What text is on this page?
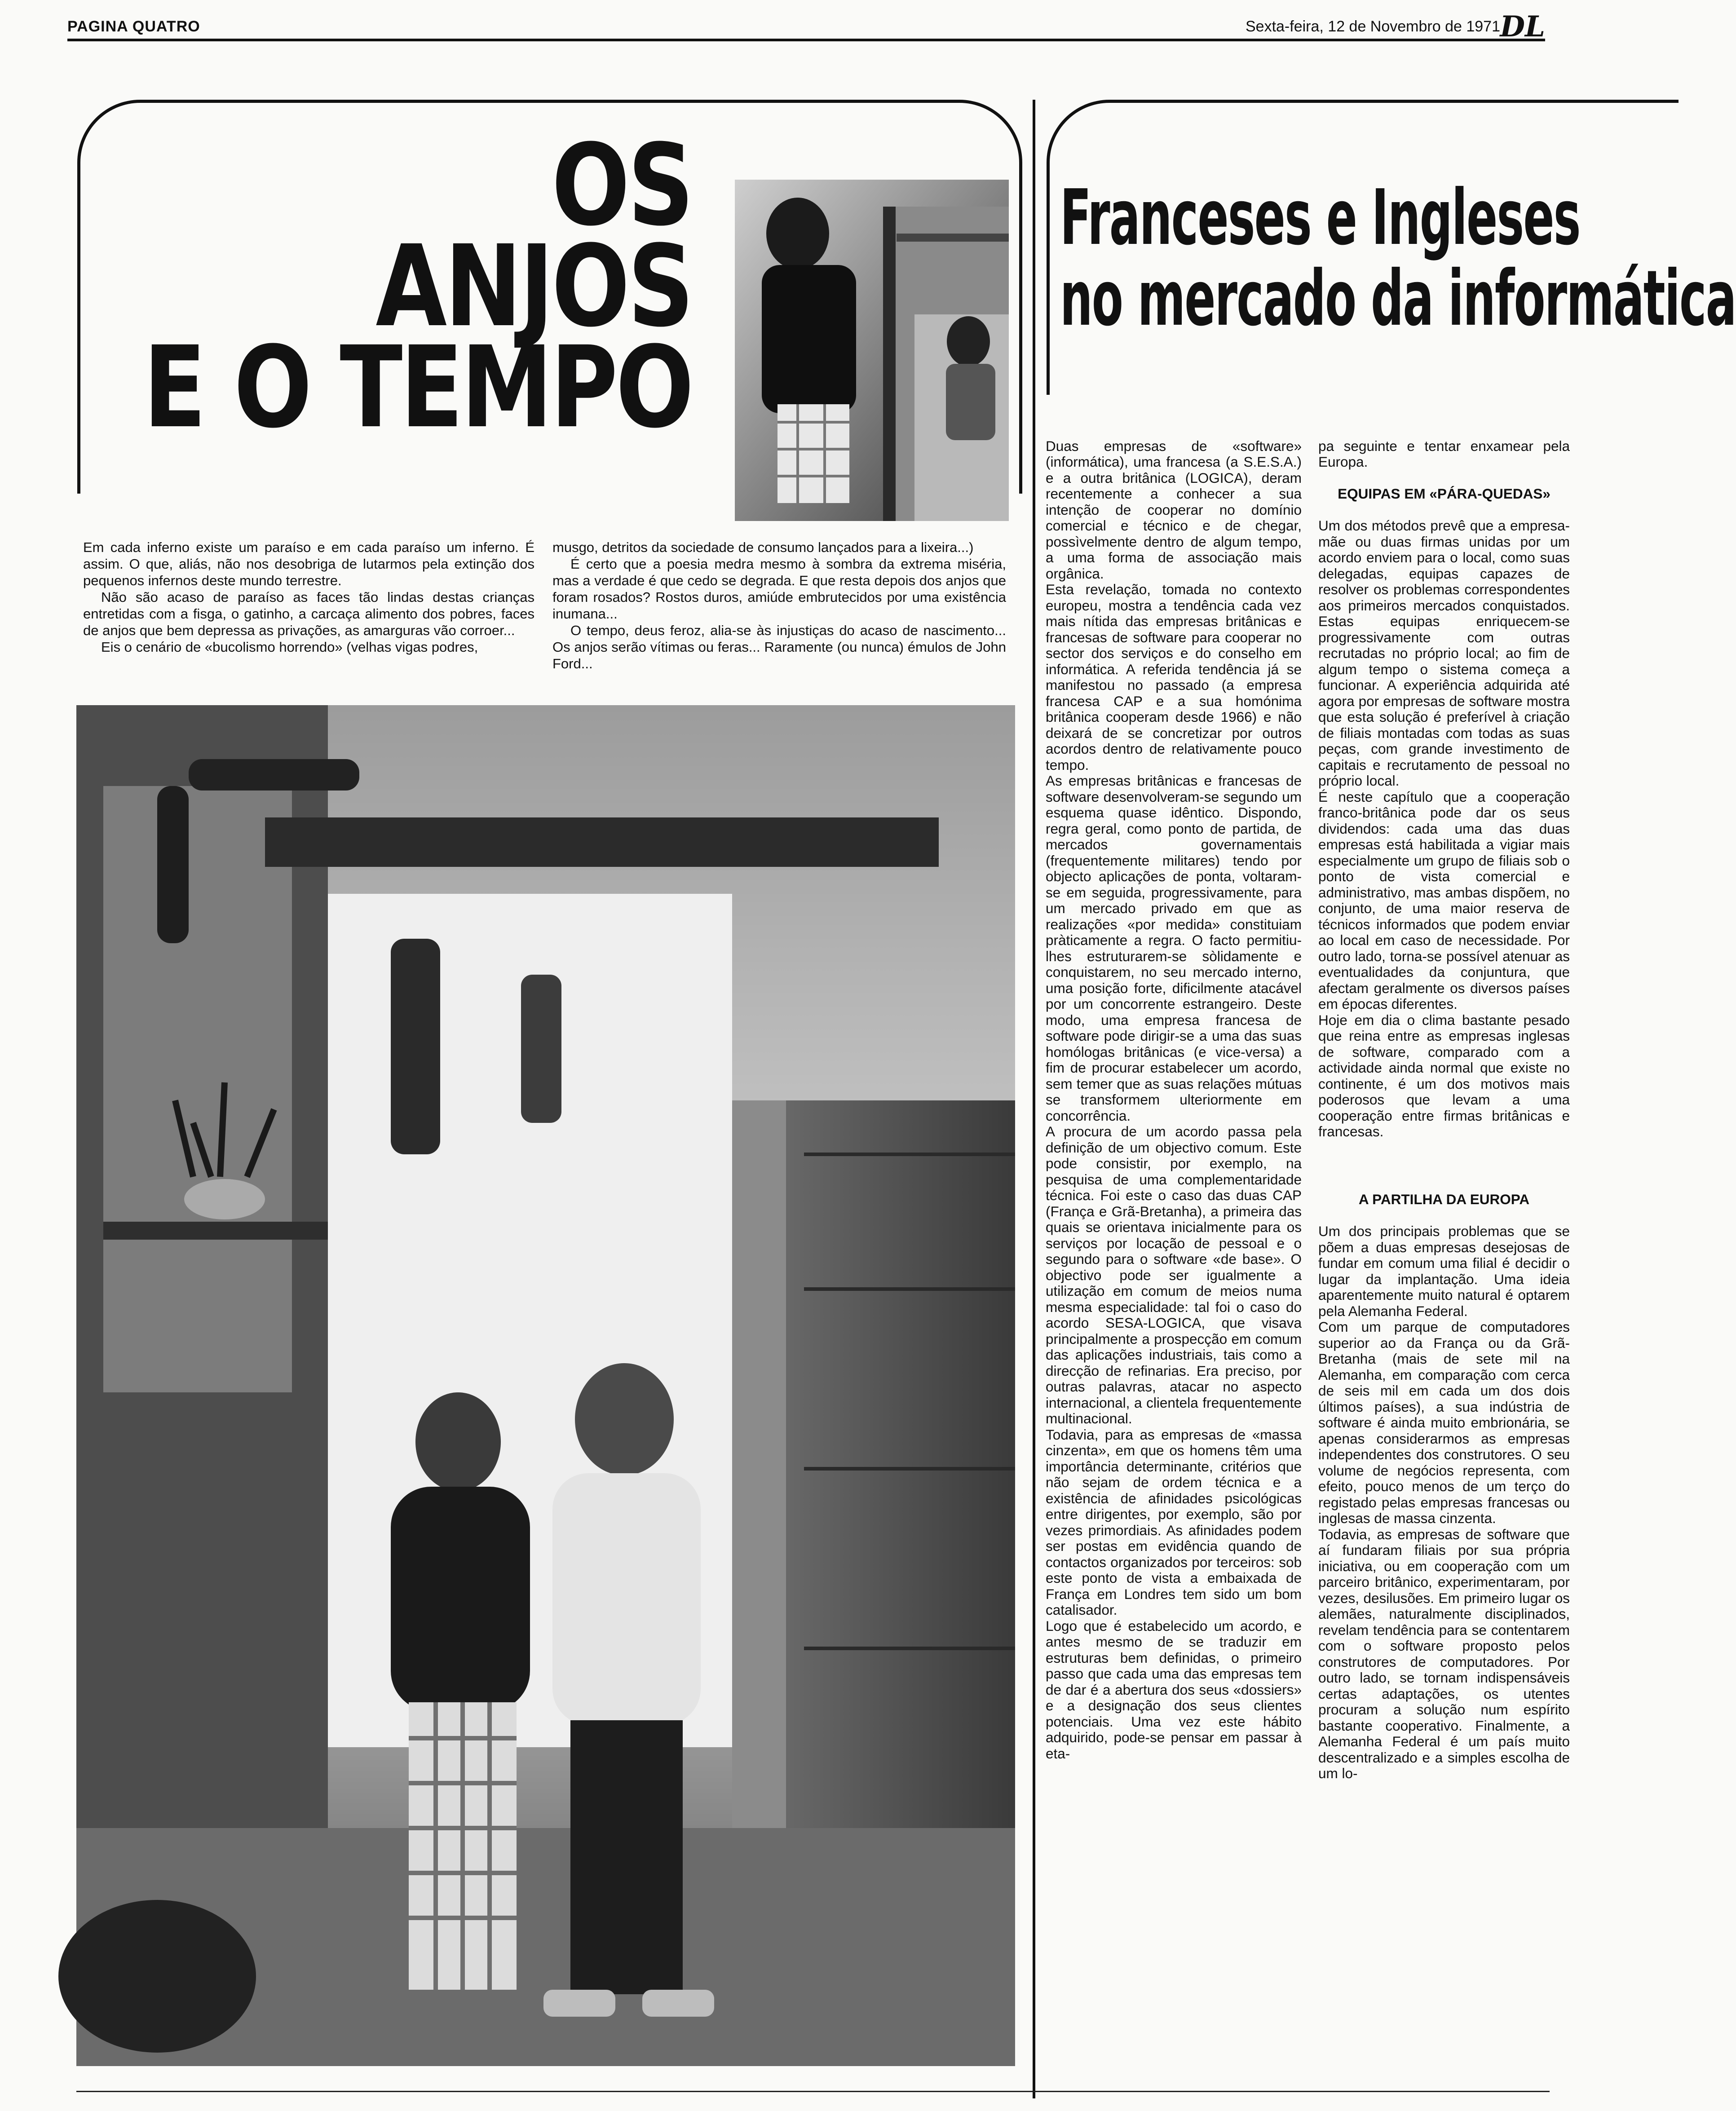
PAGINA QUATRO	Sexta-feira, 12 de Novembro de 1971 DL
OS
ANJOS
E O TEMPO

Em cada inferno existe um paraíso e em cada paraíso um inferno. É assim. O que, aliás, não nos desobriga de lutarmos pela extinção dos pequenos infernos deste mundo terrestre.

Não são acaso de paraíso as faces tão lindas destas crianças entretidas com a fisga, o gatinho, a carcaça alimento dos pobres, faces de anjos que bem depressa as privações, as amarguras vão corroer...

Eis o cenário de «bucolismo horrendo» (velhas vigas podres,

musgo, detritos da sociedade de consumo lançados para a lixeira...)

É certo que a poesia medra mesmo à sombra da extrema miséria, mas a verdade é que cedo se degrada. E que resta depois dos anjos que foram rosados? Rostos duros, amiúde embrutecidos por uma existência inumana...

O tempo, deus feroz, alia-se às injustiças do acaso de nascimento... Os anjos serão vítimas ou feras... Raramente (ou nunca) émulos de John Ford...

Franceses e Ingleses
no mercado da informática

Duas empresas de «software» (informática), uma francesa (a S.E.S.A.) e a outra britânica (LOGICA), deram recentemente a conhecer a sua intenção de cooperar no domínio comercial e técnico e de chegar, possìvelmente dentro de algum tempo, a uma forma de associação mais orgânica.
Esta revelação, tomada no contexto europeu, mostra a tendência cada vez mais nítida das empresas britânicas e francesas de software para cooperar no sector dos serviços e do conselho em informática. A referida tendência já se manifestou no passado (a empresa francesa CAP e a sua homónima britânica cooperam desde 1966) e não deixará de se concretizar por outros acordos dentro de relativamente pouco tempo.
As empresas britânicas e francesas de software desenvolveram-se segundo um esquema quase idêntico. Dispondo, regra geral, como ponto de partida, de mercados governamentais (frequentemente militares) tendo por objecto aplicações de ponta, voltaram-se em seguida, progressivamente, para um mercado privado em que as realizações «por medida» constituiam pràticamente a regra. O facto permitiu-lhes estruturarem-se sòlidamente e conquistarem, no seu mercado interno, uma posição forte, dificilmente atacável por um concorrente estrangeiro. Deste modo, uma empresa francesa de software pode dirigir-se a uma das suas homólogas britânicas (e vice-versa) a fim de procurar estabelecer um acordo, sem temer que as suas relações mútuas se transformem ulteriormente em concorrência.
A procura de um acordo passa pela definição de um objectivo comum. Este pode consistir, por exemplo, na pesquisa de uma complementaridade técnica. Foi este o caso das duas CAP (França e Grã-Bretanha), a primeira das quais se orientava inicialmente para os serviços por locação de pessoal e o segundo para o software «de base». O objectivo pode ser igualmente a utilização em comum de meios numa mesma especialidade: tal foi o caso do acordo SESA-LOGICA, que visava principalmente a prospecção em comum das aplicações industriais, tais como a direcção de refinarias. Era preciso, por outras palavras, atacar no aspecto internacional, a clientela frequentemente multinacional.
Todavia, para as empresas de «massa cinzenta», em que os homens têm uma importância determinante, critérios que não sejam de ordem técnica e a existência de afinidades psicológicas entre dirigentes, por exemplo, são por vezes primordiais. As afinidades podem ser postas em evidência quando de contactos organizados por terceiros: sob este ponto de vista a embaixada de França em Londres tem sido um bom catalisador.
Logo que é estabelecido um acordo, e antes mesmo de se traduzir em estruturas bem definidas, o primeiro passo que cada uma das empresas tem de dar é a abertura dos seus «dossiers» e a designação dos seus clientes potenciais. Uma vez este hábito adquirido, pode-se pensar em passar à eta-

pa seguinte e tentar enxamear pela Europa.

EQUIPAS EM «PÁRA-QUEDAS»

Um dos métodos prevê que a empresa-mãe ou duas firmas unidas por um acordo enviem para o local, como suas delegadas, equipas capazes de resolver os problemas correspondentes aos primeiros mercados conquistados. Estas equipas enriquecem-se progressivamente com outras recrutadas no próprio local; ao fim de algum tempo o sistema começa a funcionar. A experiência adquirida até agora por empresas de software mostra que esta solução é preferível à criação de filiais montadas com todas as suas peças, com grande investimento de capitais e recrutamento de pessoal no próprio local.
É neste capítulo que a cooperação franco-britânica pode dar os seus dividendos: cada uma das duas empresas está habilitada a vigiar mais especialmente um grupo de filiais sob o ponto de vista comercial e administrativo, mas ambas dispõem, no conjunto, de uma maior reserva de técnicos informados que podem enviar ao local em caso de necessidade. Por outro lado, torna-se possível atenuar as eventualidades da conjuntura, que afectam geralmente os diversos países em épocas diferentes.
Hoje em dia o clima bastante pesado que reina entre as empresas inglesas de software, comparado com a actividade ainda normal que existe no continente, é um dos motivos mais poderosos que levam a uma cooperação entre firmas britânicas e francesas.

A PARTILHA DA EUROPA

Um dos principais problemas que se põem a duas empresas desejosas de fundar em comum uma filial é decidir o lugar da implantação. Uma ideia aparentemente muito natural é optarem pela Alemanha Federal.
Com um parque de computadores superior ao da França ou da Grã-Bretanha (mais de sete mil na Alemanha, em comparação com cerca de seis mil em cada um dos dois últimos países), a sua indústria de software é ainda muito embrionária, se apenas considerarmos as empresas independentes dos construtores. O seu volume de negócios representa, com efeito, pouco menos de um terço do registado pelas empresas francesas ou inglesas de massa cinzenta.
Todavia, as empresas de software que aí fundaram filiais por sua própria iniciativa, ou em cooperação com um parceiro britânico, experimentaram, por vezes, desilusões. Em primeiro lugar os alemães, naturalmente disciplinados, revelam tendência para se contentarem com o software proposto pelos construtores de computadores. Por outro lado, se tornam indispensáveis certas adaptações, os utentes procuram a solução num espírito bastante cooperativo. Finalmente, a Alemanha Federal é um país muito descentralizado e a simples escolha de um lo-
